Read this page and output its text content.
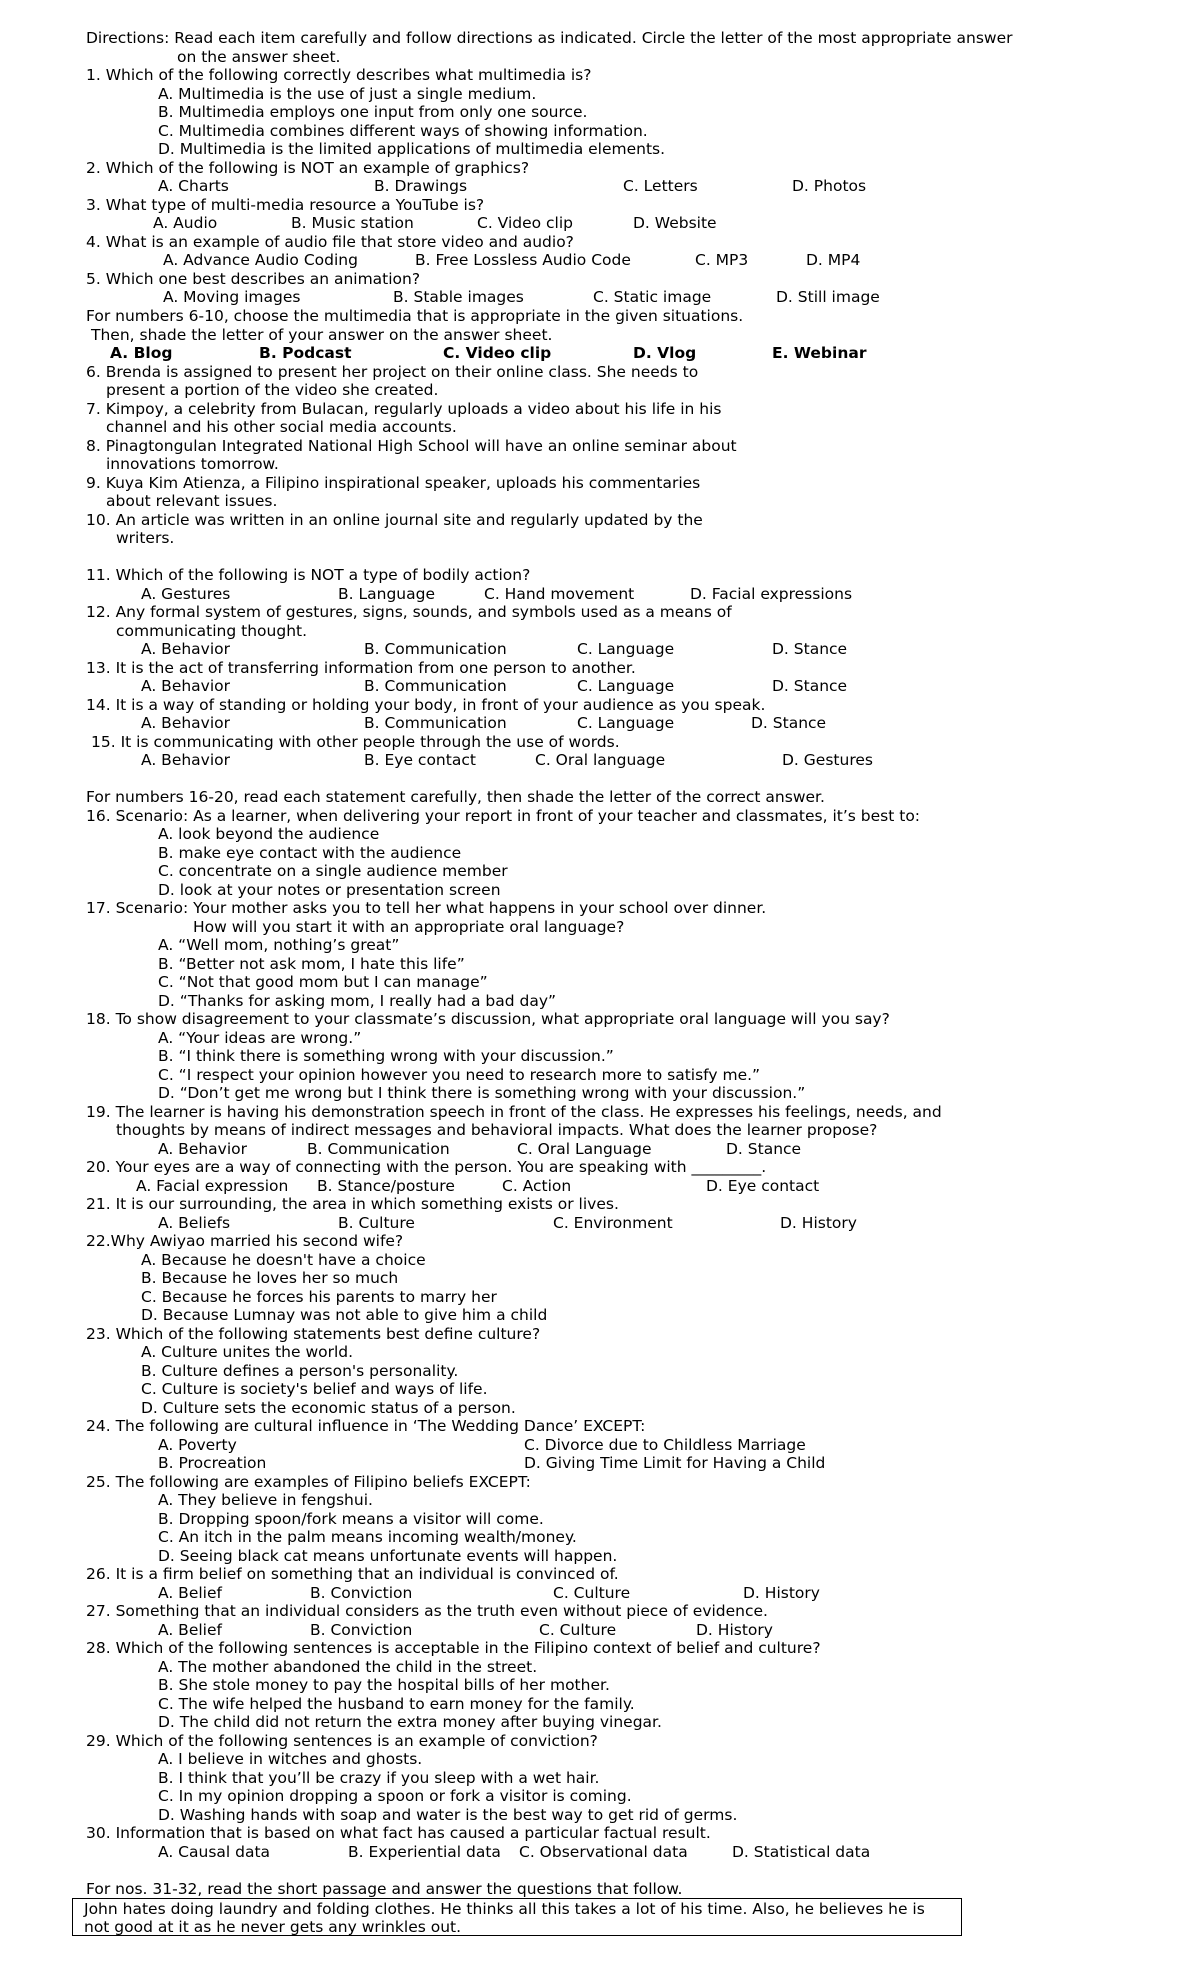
Directions: Read each item carefully and follow directions as indicated. Circle the letter of the most appropriate answer
on the answer sheet.
1. Which of the following correctly describes what multimedia is?
A. Multimedia is the use of just a single medium.
B. Multimedia employs one input from only one source.
C. Multimedia combines different ways of showing information.
D. Multimedia is the limited applications of multimedia elements.
2. Which of the following is NOT an example of graphics?
A. Charts	B. Drawings	C. Letters	D. Photos
3. What type of multi-media resource a YouTube is?
A. Audio	B. Music station	C. Video clip	D. Website
4. What is an example of audio file that store video and audio?
A. Advance Audio Coding	B. Free Lossless Audio Code	C. MP3	D. MP4
5. Which one best describes an animation?
A. Moving images	B. Stable images	C. Static image	D. Still image
For numbers 6-10, choose the multimedia that is appropriate in the given situations.
Then, shade the letter of your answer on the answer sheet.
A. Blog	B. Podcast	C. Video clip	D. Vlog	E. Webinar
6. Brenda is assigned to present her project on their online class. She needs to
present a portion of the video she created.
7. Kimpoy, a celebrity from Bulacan, regularly uploads a video about his life in his
channel and his other social media accounts.
8. Pinagtongulan Integrated National High School will have an online seminar about
innovations tomorrow.
9. Kuya Kim Atienza, a Filipino inspirational speaker, uploads his commentaries
about relevant issues.
10. An article was written in an online journal site and regularly updated by the
writers.
11. Which of the following is NOT a type of bodily action?
A. Gestures	B. Language	C. Hand movement	D. Facial expressions
12. Any formal system of gestures, signs, sounds, and symbols used as a means of
communicating thought.
A. Behavior	B. Communication	C. Language	D. Stance
13. It is the act of transferring information from one person to another.
A. Behavior	B. Communication	C. Language	D. Stance
14. It is a way of standing or holding your body, in front of your audience as you speak.
A. Behavior	B. Communication	C. Language	D. Stance
15. It is communicating with other people through the use of words.
A. Behavior	B. Eye contact	C. Oral language	D. Gestures
For numbers 16-20, read each statement carefully, then shade the letter of the correct answer.
16. Scenario: As a learner, when delivering your report in front of your teacher and classmates, it’s best to:
A. look beyond the audience
B. make eye contact with the audience
C. concentrate on a single audience member
D. look at your notes or presentation screen
17. Scenario: Your mother asks you to tell her what happens in your school over dinner.
How will you start it with an appropriate oral language?
A. “Well mom, nothing’s great”
B. “Better not ask mom, I hate this life”
C. “Not that good mom but I can manage”
D. “Thanks for asking mom, I really had a bad day”
18. To show disagreement to your classmate’s discussion, what appropriate oral language will you say?
A. “Your ideas are wrong.”
B. “I think there is something wrong with your discussion.”
C. “I respect your opinion however you need to research more to satisfy me.”
D. “Don’t get me wrong but I think there is something wrong with your discussion.”
19. The learner is having his demonstration speech in front of the class. He expresses his feelings, needs, and
thoughts by means of indirect messages and behavioral impacts. What does the learner propose?
A. Behavior	B. Communication	C. Oral Language	D. Stance
20. Your eyes are a way of connecting with the person. You are speaking with _________.
A. Facial expression B. Stance/posture	C. Action	D. Eye contact
21. It is our surrounding, the area in which something exists or lives.
A. Beliefs	B. Culture	C. Environment	D. History
22.Why Awiyao married his second wife?
A. Because he doesn't have a choice
B. Because he loves her so much
C. Because he forces his parents to marry her
D. Because Lumnay was not able to give him a child
23. Which of the following statements best define culture?
A. Culture unites the world.
B. Culture defines a person's personality.
C. Culture is society's belief and ways of life.
D. Culture sets the economic status of a person.
24. The following are cultural influence in ‘The Wedding Dance’ EXCEPT:
A. Poverty	C. Divorce due to Childless Marriage
B. Procreation	D. Giving Time Limit for Having a Child
25. The following are examples of Filipino beliefs EXCEPT:
A. They believe in fengshui.
B. Dropping spoon/fork means a visitor will come.
C. An itch in the palm means incoming wealth/money.
D. Seeing black cat means unfortunate events will happen.
26. It is a firm belief on something that an individual is convinced of.
A. Belief	B. Conviction	C. Culture	D. History
27. Something that an individual considers as the truth even without piece of evidence.
A. Belief	B. Conviction	C. Culture	D. History
28. Which of the following sentences is acceptable in the Filipino context of belief and culture?
A. The mother abandoned the child in the street.
B. She stole money to pay the hospital bills of her mother.
C. The wife helped the husband to earn money for the family.
D. The child did not return the extra money after buying vinegar.
29. Which of the following sentences is an example of conviction?
A. I believe in witches and ghosts.
B. I think that you’ll be crazy if you sleep with a wet hair.
C. In my opinion dropping a spoon or fork a visitor is coming.
D. Washing hands with soap and water is the best way to get rid of germs.
30. Information that is based on what fact has caused a particular factual result.
A. Causal data	B. Experiential data C. Observational data	D. Statistical data
For nos. 31-32, read the short passage and answer the questions that follow.
John hates doing laundry and folding clothes. He thinks all this takes a lot of his time. Also, he believes he is
not good at it as he never gets any wrinkles out.
